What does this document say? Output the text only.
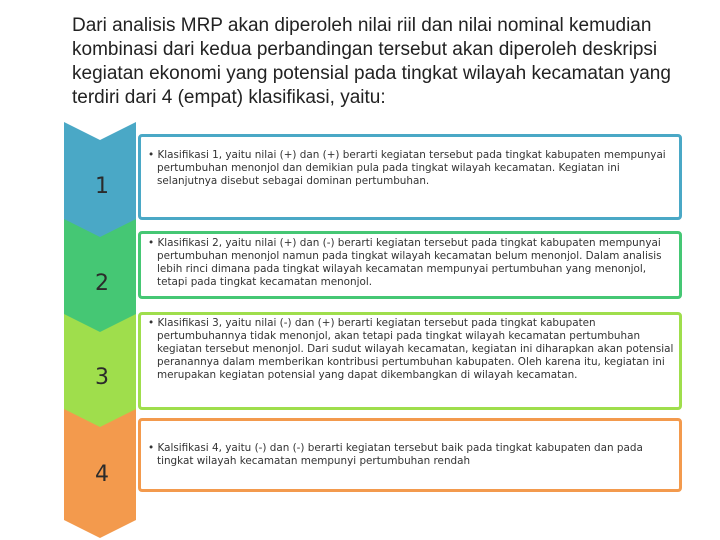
Dari analisis MRP akan diperoleh nilai riil dan nilai nominal kemudian kombinasi dari kedua perbandingan tersebut akan diperoleh deskripsi kegiatan ekonomi yang potensial pada tingkat wilayah kecamatan yang terdiri dari 4 (empat) klasifikasi, yaitu:
1
2
3
4
• Klasifikasi 1, yaitu nilai (+) dan (+) berarti kegiatan tersebut pada tingkat kabupaten mempunyai pertumbuhan menonjol dan demikian pula pada tingkat wilayah kecamatan. Kegiatan ini selanjutnya disebut sebagai dominan pertumbuhan.
• Klasifikasi 2, yaitu nilai (+) dan (-) berarti kegiatan tersebut pada tingkat kabupaten mempunyai pertumbuhan menonjol namun pada tingkat wilayah kecamatan belum menonjol. Dalam analisis lebih rinci dimana pada tingkat wilayah kecamatan mempunyai pertumbuhan yang menonjol, tetapi pada tingkat kecamatan menonjol.
• Klasifikasi 3, yaitu nilai (-) dan (+) berarti kegiatan tersebut pada tingkat kabupaten pertumbuhannya tidak menonjol, akan tetapi pada tingkat wilayah kecamatan pertumbuhan kegiatan tersebut menonjol. Dari sudut wilayah kecamatan, kegiatan ini diharapkan akan potensial peranannya dalam memberikan kontribusi pertumbuhan kabupaten. Oleh karena itu, kegiatan ini merupakan kegiatan potensial yang dapat dikembangkan di wilayah kecamatan.
• Kalsifikasi 4, yaitu (-) dan (-) berarti kegiatan tersebut baik pada tingkat kabupaten dan pada tingkat wilayah kecamatan mempunyi pertumbuhan rendah
